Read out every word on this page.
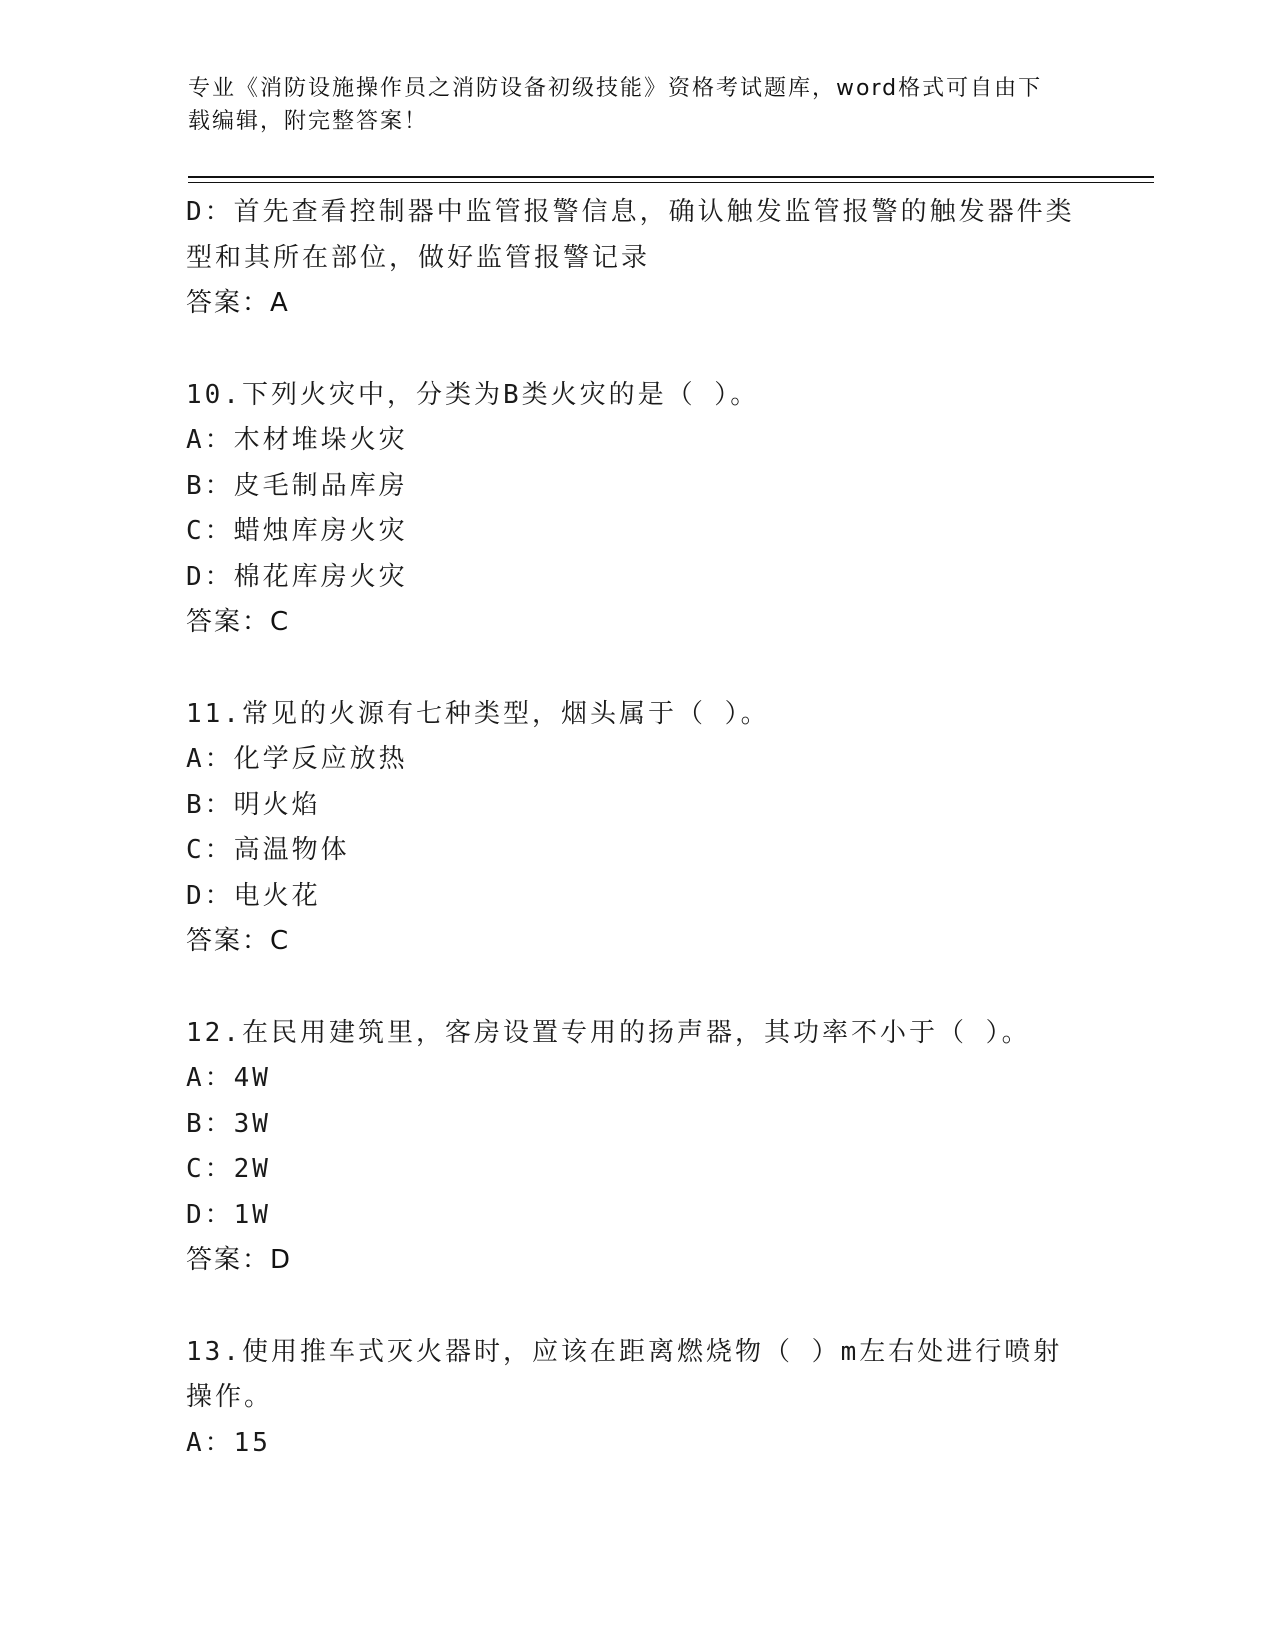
专业《消防设施操作员之消防设备初级技能》资格考试题库，word格式可自由下
载编辑，附完整答案！
D：首先查看控制器中监管报警信息，确认触发监管报警的触发器件类
型和其所在部位，做好监管报警记录
答案：A
10.下列火灾中，分类为B类火灾的是（ ）。
A：木材堆垛火灾
B：皮毛制品库房
C：蜡烛库房火灾
D：棉花库房火灾
答案：C
11.常见的火源有七种类型，烟头属于（ ）。
A：化学反应放热
B：明火焰
C：高温物体
D：电火花
答案：C
12.在民用建筑里，客房设置专用的扬声器，其功率不小于（ ）。
A：4W
B：3W
C：2W
D：1W
答案：D
13.使用推车式灭火器时，应该在距离燃烧物（ ）m左右处进行喷射
操作。
A：15
